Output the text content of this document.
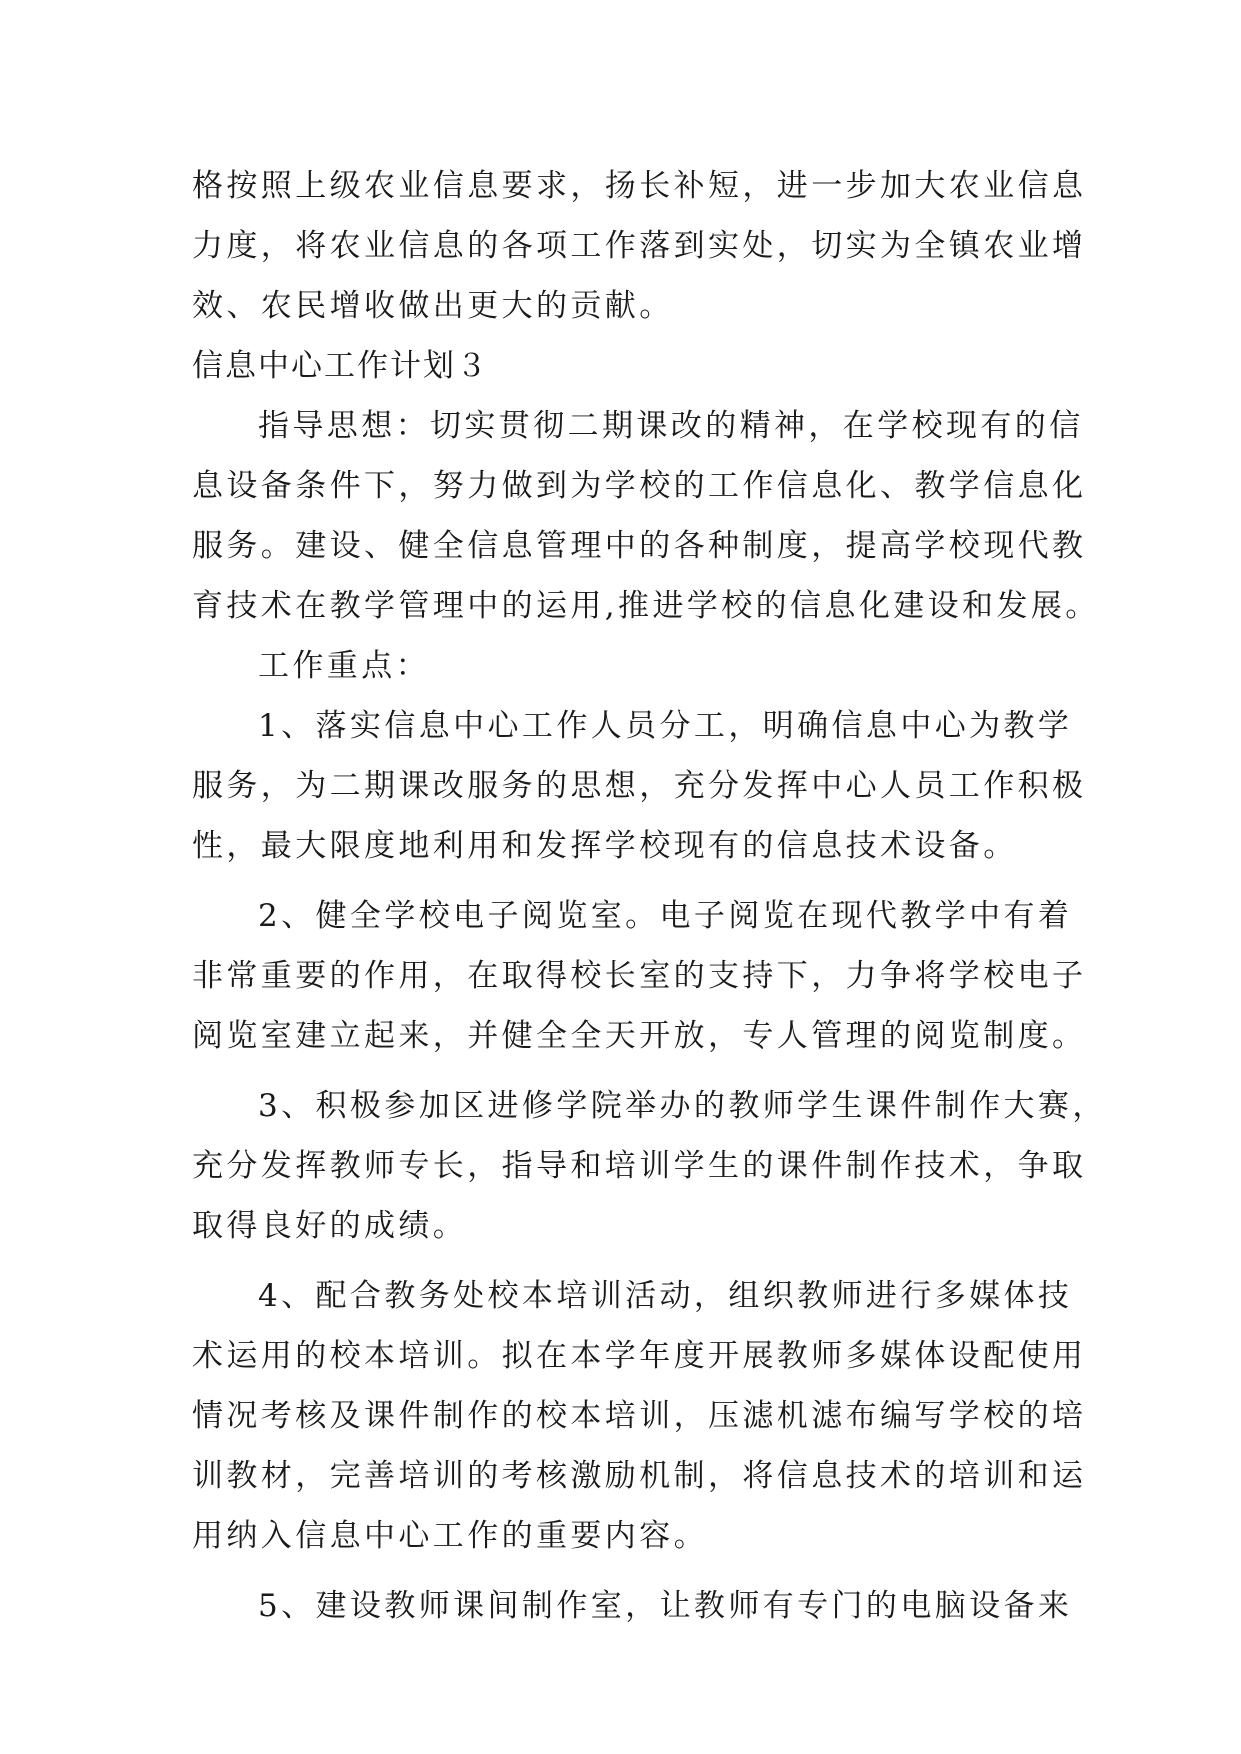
格按照上级农业信息要求，扬长补短，进一步加大农业信息
力度，将农业信息的各项工作落到实处，切实为全镇农业增
效、农民增收做出更大的贡献。
信息中心工作计划３
指导思想：切实贯彻二期课改的精神，在学校现有的信
息设备条件下，努力做到为学校的工作信息化、教学信息化
服务。建设、健全信息管理中的各种制度，提高学校现代教
育技术在教学管理中的运用,推进学校的信息化建设和发展。
工作重点：
1、落实信息中心工作人员分工，明确信息中心为教学
服务，为二期课改服务的思想，充分发挥中心人员工作积极
性，最大限度地利用和发挥学校现有的信息技术设备。
2、健全学校电子阅览室。电子阅览在现代教学中有着
非常重要的作用，在取得校长室的支持下，力争将学校电子
阅览室建立起来，并健全全天开放，专人管理的阅览制度。
3、积极参加区进修学院举办的教师学生课件制作大赛，
充分发挥教师专长，指导和培训学生的课件制作技术，争取
取得良好的成绩。
4、配合教务处校本培训活动，组织教师进行多媒体技
术运用的校本培训。拟在本学年度开展教师多媒体设配使用
情况考核及课件制作的校本培训，压滤机滤布编写学校的培
训教材，完善培训的考核激励机制，将信息技术的培训和运
用纳入信息中心工作的重要内容。
5、建设教师课间制作室，让教师有专门的电脑设备来
